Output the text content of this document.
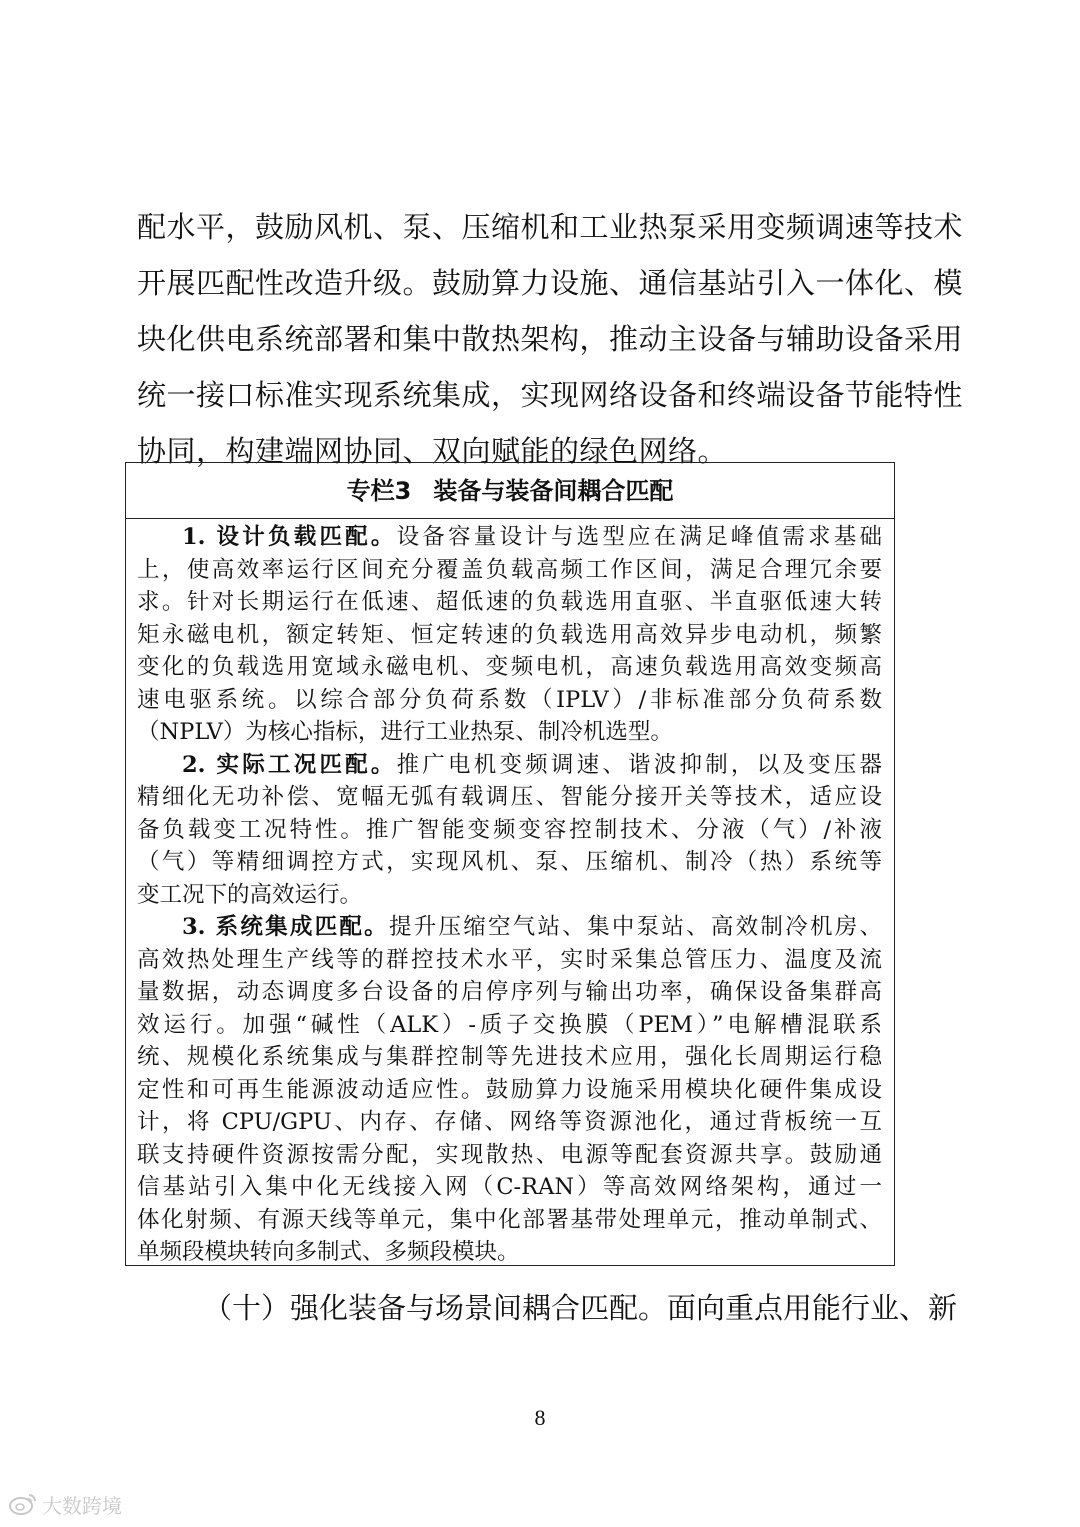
配水平，鼓励风机、泵、压缩机和工业热泵采用变频调速等技术
开展匹配性改造升级。鼓励算力设施、通信基站引入一体化、模
块化供电系统部署和集中散热架构，推动主设备与辅助设备采用
统一接口标准实现系统集成，实现网络设备和终端设备节能特性
协同，构建端网协同、双向赋能的绿色网络。
专栏3 装备与装备间耦合匹配
1. 设计负载匹配。设备容量设计与选型应在满足峰值需求基础
上，使高效率运行区间充分覆盖负载高频工作区间，满足合理冗余要
求。针对长期运行在低速、超低速的负载选用直驱、半直驱低速大转
矩永磁电机，额定转矩、恒定转速的负载选用高效异步电动机，频繁
变化的负载选用宽域永磁电机、变频电机，高速负载选用高效变频高
速电驱系统。以综合部分负荷系数（IPLV）/非标准部分负荷系数
（NPLV）为核心指标，进行工业热泵、制冷机选型。
2. 实际工况匹配。推广电机变频调速、谐波抑制，以及变压器
精细化无功补偿、宽幅无弧有载调压、智能分接开关等技术，适应设
备负载变工况特性。推广智能变频变容控制技术、分液（气）/补液
（气）等精细调控方式，实现风机、泵、压缩机、制冷（热）系统等
变工况下的高效运行。
3. 系统集成匹配。提升压缩空气站、集中泵站、高效制冷机房、
高效热处理生产线等的群控技术水平，实时采集总管压力、温度及流
量数据，动态调度多台设备的启停序列与输出功率，确保设备集群高
效运行。加强“碱性（ALK）-质子交换膜（PEM）”电解槽混联系
统、规模化系统集成与集群控制等先进技术应用，强化长周期运行稳
定性和可再生能源波动适应性。鼓励算力设施采用模块化硬件集成设
计，将 CPU/GPU、内存、存储、网络等资源池化，通过背板统一互
联支持硬件资源按需分配，实现散热、电源等配套资源共享。鼓励通
信基站引入集中化无线接入网（C-RAN）等高效网络架构，通过一
体化射频、有源天线等单元，集中化部署基带处理单元，推动单制式、
单频段模块转向多制式、多频段模块。
（十）强化装备与场景间耦合匹配。面向重点用能行业、新
8
大数跨境
